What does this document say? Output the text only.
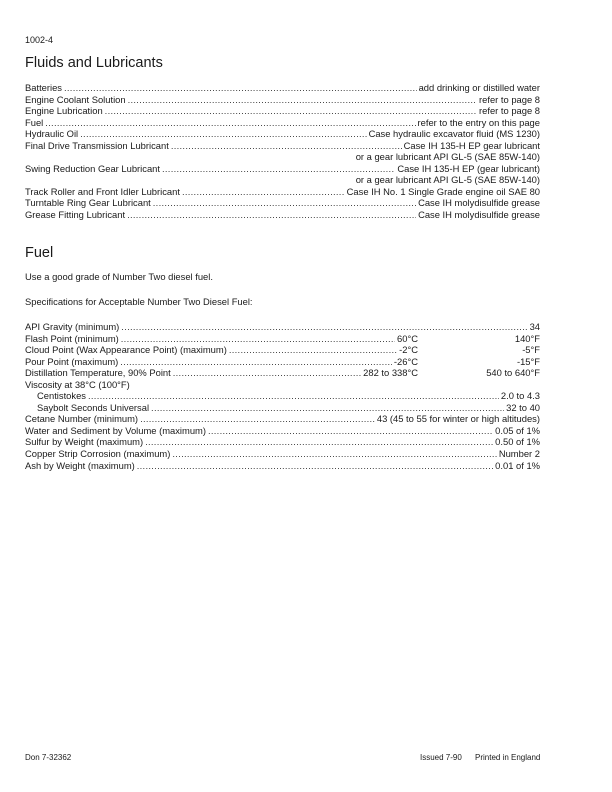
1002-4
Fluids and Lubricants
Batteries .....	add drinking or distilled water
Engine Coolant Solution .....	refer to page 8
Engine Lubrication .....	refer to page 8
Fuel .....	refer to the entry on this page
Hydraulic Oil .....	Case hydraulic excavator fluid (MS 1230)
Final Drive Transmission Lubricant .....	Case IH 135-H EP gear lubricant
or a gear lubricant API GL-5 (SAE 85W-140)
Swing Reduction Gear Lubricant .....	Case IH 135-H EP (gear lubricant)
or a gear lubricant API GL-5 (SAE 85W-140)
Track Roller and Front Idler Lubricant .....	Case IH No. 1 Single Grade engine oil SAE 80
Turntable Ring Gear Lubricant .....	Case IH molydisulfide grease
Grease Fitting Lubricant .....	Case IH molydisulfide grease
Fuel
Use a good grade of Number Two diesel fuel.
Specifications for Acceptable Number Two Diesel Fuel:
API Gravity (minimum) .....	34
Flash Point (minimum) .....	60°C	140°F
Cloud Point (Wax Appearance Point) (maximum) .....	-2°C	-5°F
Pour Point (maximum) .....	-26°C	-15°F
Distillation Temperature, 90% Point .....	282 to 338°C	540 to 640°F
Viscosity at 38°C (100°F)
Centistokes .....	2.0 to 4.3
Saybolt Seconds Universal .....	32 to 40
Cetane Number (minimum) .....	43 (45 to 55 for winter or high altitudes)
Water and Sediment by Volume (maximum) .....	0.05 of 1%
Sulfur by Weight (maximum) .....	0.50 of 1%
Copper Strip Corrosion (maximum) .....	Number 2
Ash by Weight (maximum) .....	0.01 of 1%
Don 7-32362	Issued 7-90 Printed in England
